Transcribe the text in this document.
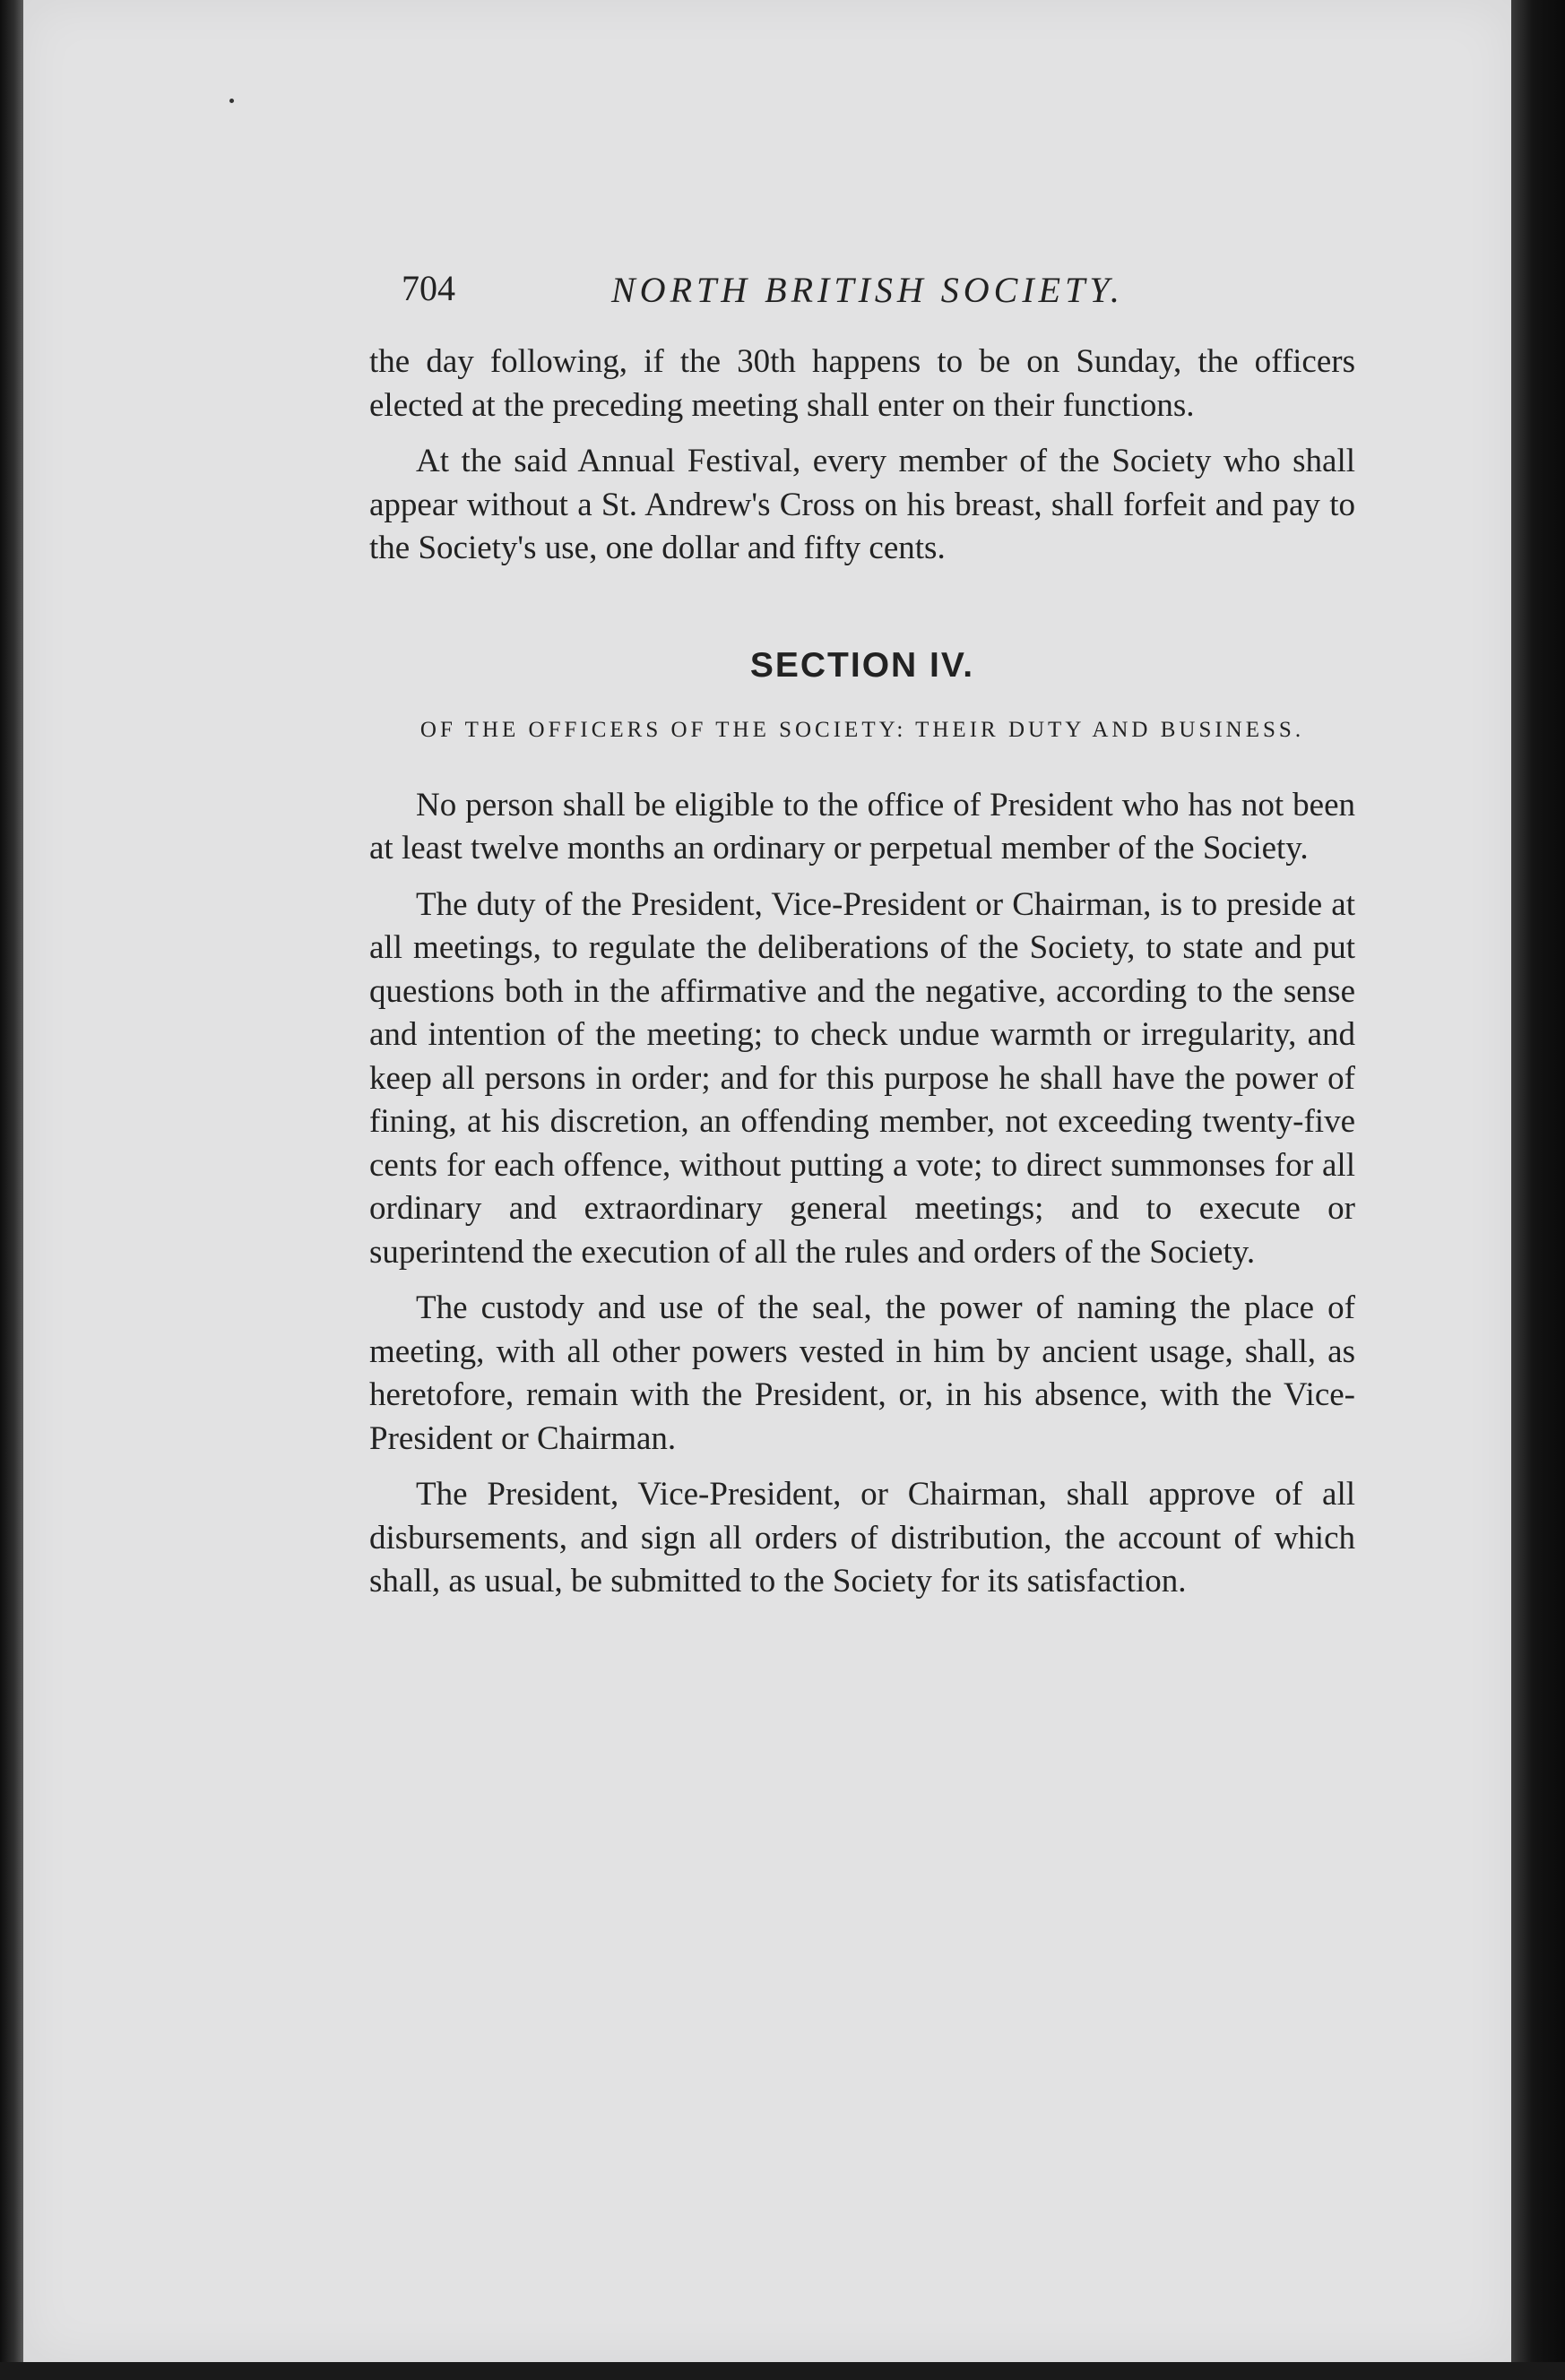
704	NORTH BRITISH SOCIETY.

the day following, if the 30th happens to be on Sunday, the officers elected at the preceding meeting shall enter on their functions.

At the said Annual Festival, every member of the Society who shall appear without a St. Andrew's Cross on his breast, shall forfeit and pay to the Society's use, one dollar and fifty cents.

SECTION IV.
OF THE OFFICERS OF THE SOCIETY: THEIR DUTY AND BUSINESS.

No person shall be eligible to the office of President who has not been at least twelve months an ordinary or perpetual member of the Society.

The duty of the President, Vice-President or Chairman, is to preside at all meetings, to regulate the deliberations of the Society, to state and put questions both in the affirmative and the negative, according to the sense and intention of the meeting; to check undue warmth or irregularity, and keep all persons in order; and for this purpose he shall have the power of fining, at his discretion, an offending member, not exceeding twenty-five cents for each offence, without putting a vote; to direct summonses for all ordinary and extraordinary general meetings; and to execute or superintend the execution of all the rules and orders of the Society.

The custody and use of the seal, the power of naming the place of meeting, with all other powers vested in him by ancient usage, shall, as heretofore, remain with the President, or, in his absence, with the Vice-President or Chairman.

The President, Vice-President, or Chairman, shall approve of all disbursements, and sign all orders of distribution, the account of which shall, as usual, be submitted to the Society for its satisfaction.
